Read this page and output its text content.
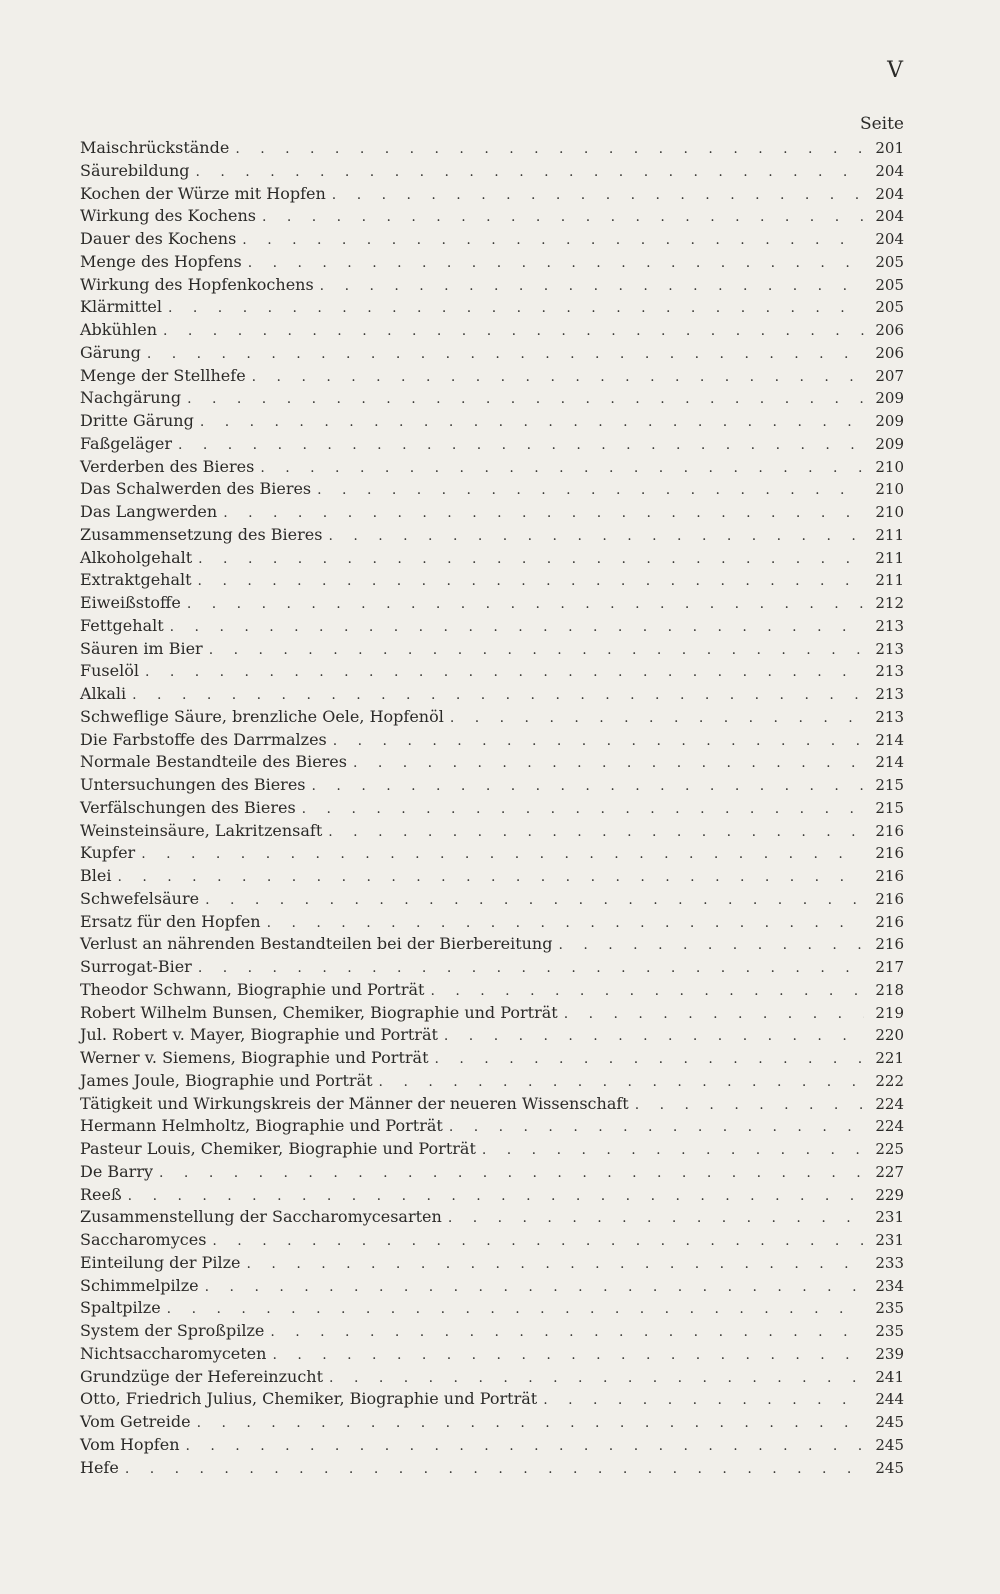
V
Seite
Maischrückstände . . .	201
Säurebildung . . .	204
Kochen der Würze mit Hopfen . . .	204
Wirkung des Kochens . . .	204
Dauer des Kochens . . .	204
Menge des Hopfens . . .	205
Wirkung des Hopfenkochens . . .	205
Klärmittel . . .	205
Abkühlen . . .	206
Gärung . . .	206
Menge der Stellhefe . . .	207
Nachgärung . . .	209
Dritte Gärung . . .	209
Faßgeläger . . .	209
Verderben des Bieres . . .	210
Das Schalwerden des Bieres . . .	210
Das Langwerden . . .	210
Zusammensetzung des Bieres . . .	211
Alkoholgehalt . . .	211
Extraktgehalt . . .	211
Eiweißstoffe . . .	212
Fettgehalt . . .	213
Säuren im Bier . . .	213
Fuselöl . . .	213
Alkali . . .	213
Schweflige Säure, brenzliche Oele, Hopfenöl . . .	213
Die Farbstoffe des Darrmalzes . . .	214
Normale Bestandteile des Bieres . . .	214
Untersuchungen des Bieres . . .	215
Verfälschungen des Bieres . . .	215
Weinsteinsäure, Lakritzensaft . . .	216
Kupfer . . .	216
Blei . . .	216
Schwefelsäure . . .	216
Ersatz für den Hopfen . . .	216
Verlust an nährenden Bestandteilen bei der Bierbereitung . . .	216
Surrogat-Bier . . .	217
Theodor Schwann, Biographie und Porträt . . .	218
Robert Wilhelm Bunsen, Chemiker, Biographie und Porträt . . .	219
Jul. Robert v. Mayer, Biographie und Porträt . . .	220
Werner v. Siemens, Biographie und Porträt . . .	221
James Joule, Biographie und Porträt . . .	222
Tätigkeit und Wirkungskreis der Männer der neueren Wissenschaft . . .	224
Hermann Helmholtz, Biographie und Porträt . . .	224
Pasteur Louis, Chemiker, Biographie und Porträt . . .	225
De Barry . . .	227
Reeß . . .	229
Zusammenstellung der Saccharomycesarten . . .	231
Saccharomyces . . .	231
Einteilung der Pilze . . .	233
Schimmelpilze . . .	234
Spaltpilze . . .	235
System der Sproßpilze . . .	235
Nichtsaccharomyceten . . .	239
Grundzüge der Hefereinzucht . . .	241
Otto, Friedrich Julius, Chemiker, Biographie und Porträt . . .	244
Vom Getreide . . .	245
Vom Hopfen . . .	245
Hefe . . .	245
